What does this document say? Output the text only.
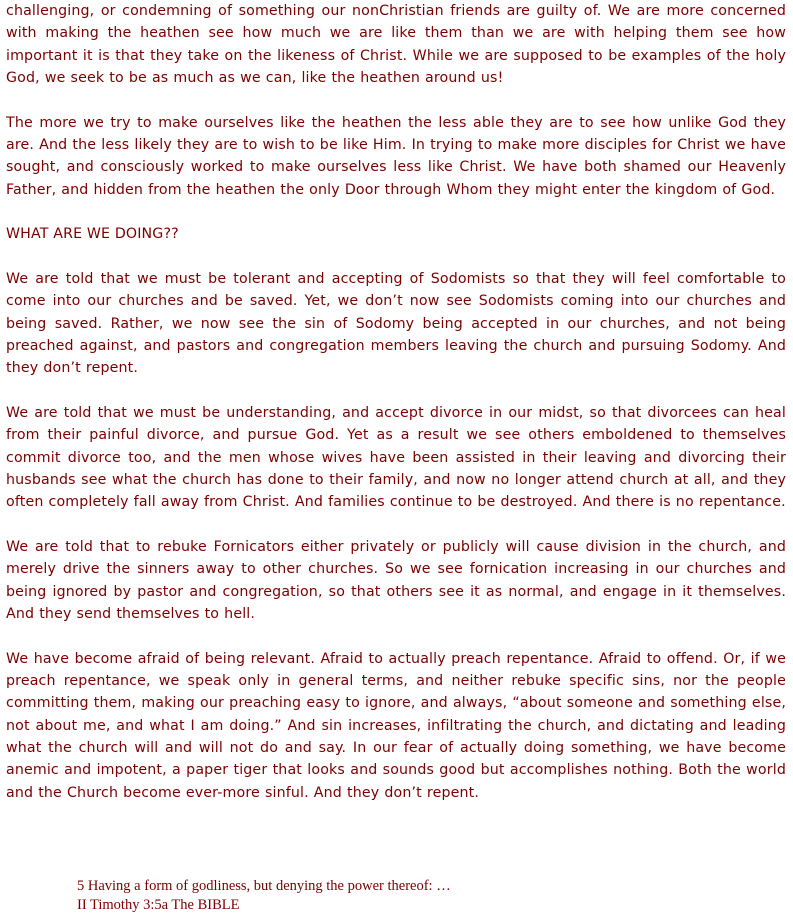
challenging, or condemning of something our nonChristian friends are guilty of. We are more concerned with making the heathen see how much we are like them than we are with helping them see how important it is that they take on the likeness of Christ. While we are supposed to be examples of the holy God, we seek to be as much as we can, like the heathen around us!

The more we try to make ourselves like the heathen the less able they are to see how unlike God they are. And the less likely they are to wish to be like Him. In trying to make more disciples for Christ we have sought, and consciously worked to make ourselves less like Christ. We have both shamed our Heavenly Father, and hidden from the heathen the only Door through Whom they might enter the kingdom of God.

WHAT ARE WE DOING??

We are told that we must be tolerant and accepting of Sodomists so that they will feel comfortable to come into our churches and be saved. Yet, we don’t now see Sodomists coming into our churches and being saved. Rather, we now see the sin of Sodomy being accepted in our churches, and not being preached against, and pastors and congregation members leaving the church and pursuing Sodomy. And they don’t repent.

We are told that we must be understanding, and accept divorce in our midst, so that divorcees can heal from their painful divorce, and pursue God. Yet as a result we see others emboldened to themselves commit divorce too, and the men whose wives have been assisted in their leaving and divorcing their husbands see what the church has done to their family, and now no longer attend church at all, and they often completely fall away from Christ. And families continue to be destroyed. And there is no repentance.

We are told that to rebuke Fornicators either privately or publicly will cause division in the church, and merely drive the sinners away to other churches. So we see fornication increasing in our churches and being ignored by pastor and congregation, so that others see it as normal, and engage in it themselves. And they send themselves to hell.

We have become afraid of being relevant. Afraid to actually preach repentance. Afraid to offend. Or, if we preach repentance, we speak only in general terms, and neither rebuke specific sins, nor the people committing them, making our preaching easy to ignore, and always, “about someone and something else, not about me, and what I am doing.” And sin increases, infiltrating the church, and dictating and leading what the church will and will not do and say. In our fear of actually doing something, we have become anemic and impotent, a paper tiger that looks and sounds good but accomplishes nothing. Both the world and the Church become ever-more sinful. And they don’t repent.

5 Having a form of godliness, but denying the power thereof: …
II Timothy 3:5a The BIBLE
